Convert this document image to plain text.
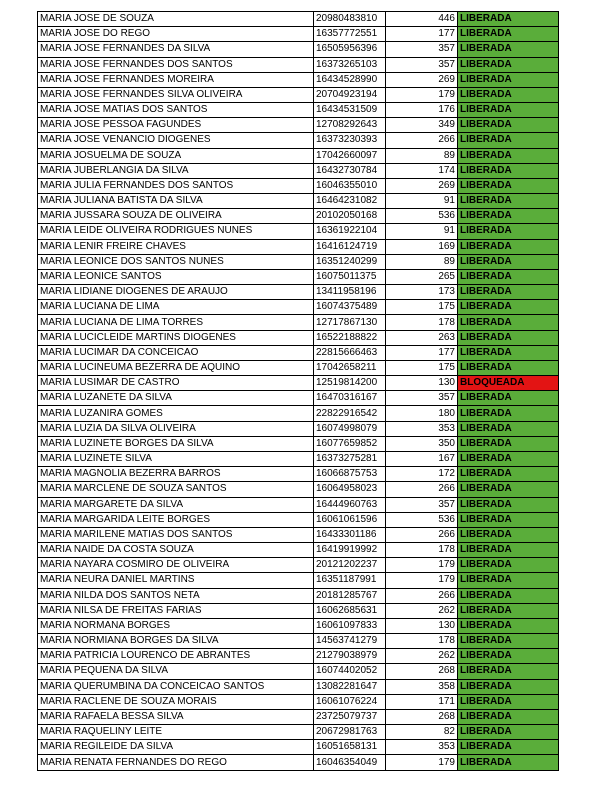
MARIA JOSE DE SOUZA	20980483810	446	LIBERADA
MARIA JOSE DO REGO	16357772551	177	LIBERADA
MARIA JOSE FERNANDES DA SILVA	16505956396	357	LIBERADA
MARIA JOSE FERNANDES DOS SANTOS	16373265103	357	LIBERADA
MARIA JOSE FERNANDES MOREIRA	16434528990	269	LIBERADA
MARIA JOSE FERNANDES SILVA OLIVEIRA	20704923194	179	LIBERADA
MARIA JOSE MATIAS DOS SANTOS	16434531509	176	LIBERADA
MARIA JOSE PESSOA FAGUNDES	12708292643	349	LIBERADA
MARIA JOSE VENANCIO DIOGENES	16373230393	266	LIBERADA
MARIA JOSUELMA DE SOUZA	17042660097	89	LIBERADA
MARIA JUBERLANGIA DA SILVA	16432730784	174	LIBERADA
MARIA JULIA FERNANDES DOS SANTOS	16046355010	269	LIBERADA
MARIA JULIANA BATISTA DA SILVA	16464231082	91	LIBERADA
MARIA JUSSARA SOUZA DE OLIVEIRA	20102050168	536	LIBERADA
MARIA LEIDE OLIVEIRA RODRIGUES NUNES	16361922104	91	LIBERADA
MARIA LENIR FREIRE CHAVES	16416124719	169	LIBERADA
MARIA LEONICE DOS SANTOS NUNES	16351240299	89	LIBERADA
MARIA LEONICE SANTOS	16075011375	265	LIBERADA
MARIA LIDIANE DIOGENES DE ARAUJO	13411958196	173	LIBERADA
MARIA LUCIANA DE LIMA	16074375489	175	LIBERADA
MARIA LUCIANA DE LIMA TORRES	12717867130	178	LIBERADA
MARIA LUCICLEIDE MARTINS DIOGENES	16522188822	263	LIBERADA
MARIA LUCIMAR DA CONCEICAO	22815666463	177	LIBERADA
MARIA LUCINEUMA BEZERRA DE AQUINO	17042658211	175	LIBERADA
MARIA LUSIMAR DE CASTRO	12519814200	130	BLOQUEADA
MARIA LUZANETE DA SILVA	16470316167	357	LIBERADA
MARIA LUZANIRA GOMES	22822916542	180	LIBERADA
MARIA LUZIA DA SILVA OLIVEIRA	16074998079	353	LIBERADA
MARIA LUZINETE BORGES DA SILVA	16077659852	350	LIBERADA
MARIA LUZINETE SILVA	16373275281	167	LIBERADA
MARIA MAGNOLIA BEZERRA BARROS	16066875753	172	LIBERADA
MARIA MARCLENE DE SOUZA SANTOS	16064958023	266	LIBERADA
MARIA MARGARETE DA SILVA	16444960763	357	LIBERADA
MARIA MARGARIDA LEITE BORGES	16061061596	536	LIBERADA
MARIA MARILENE MATIAS DOS SANTOS	16433301186	266	LIBERADA
MARIA NAIDE DA COSTA SOUZA	16419919992	178	LIBERADA
MARIA NAYARA COSMIRO DE OLIVEIRA	20121202237	179	LIBERADA
MARIA NEURA DANIEL MARTINS	16351187991	179	LIBERADA
MARIA NILDA DOS SANTOS NETA	20181285767	266	LIBERADA
MARIA NILSA DE FREITAS FARIAS	16062685631	262	LIBERADA
MARIA NORMANA BORGES	16061097833	130	LIBERADA
MARIA NORMIANA BORGES DA SILVA	14563741279	178	LIBERADA
MARIA PATRICIA LOURENCO DE ABRANTES	21279038979	262	LIBERADA
MARIA PEQUENA DA SILVA	16074402052	268	LIBERADA
MARIA QUERUMBINA DA CONCEICAO SANTOS	13082281647	358	LIBERADA
MARIA RACLENE DE SOUZA MORAIS	16061076224	171	LIBERADA
MARIA RAFAELA BESSA SILVA	23725079737	268	LIBERADA
MARIA RAQUELINY LEITE	20672981763	82	LIBERADA
MARIA REGILEIDE DA SILVA	16051658131	353	LIBERADA
MARIA RENATA FERNANDES DO REGO	16046354049	179	LIBERADA
